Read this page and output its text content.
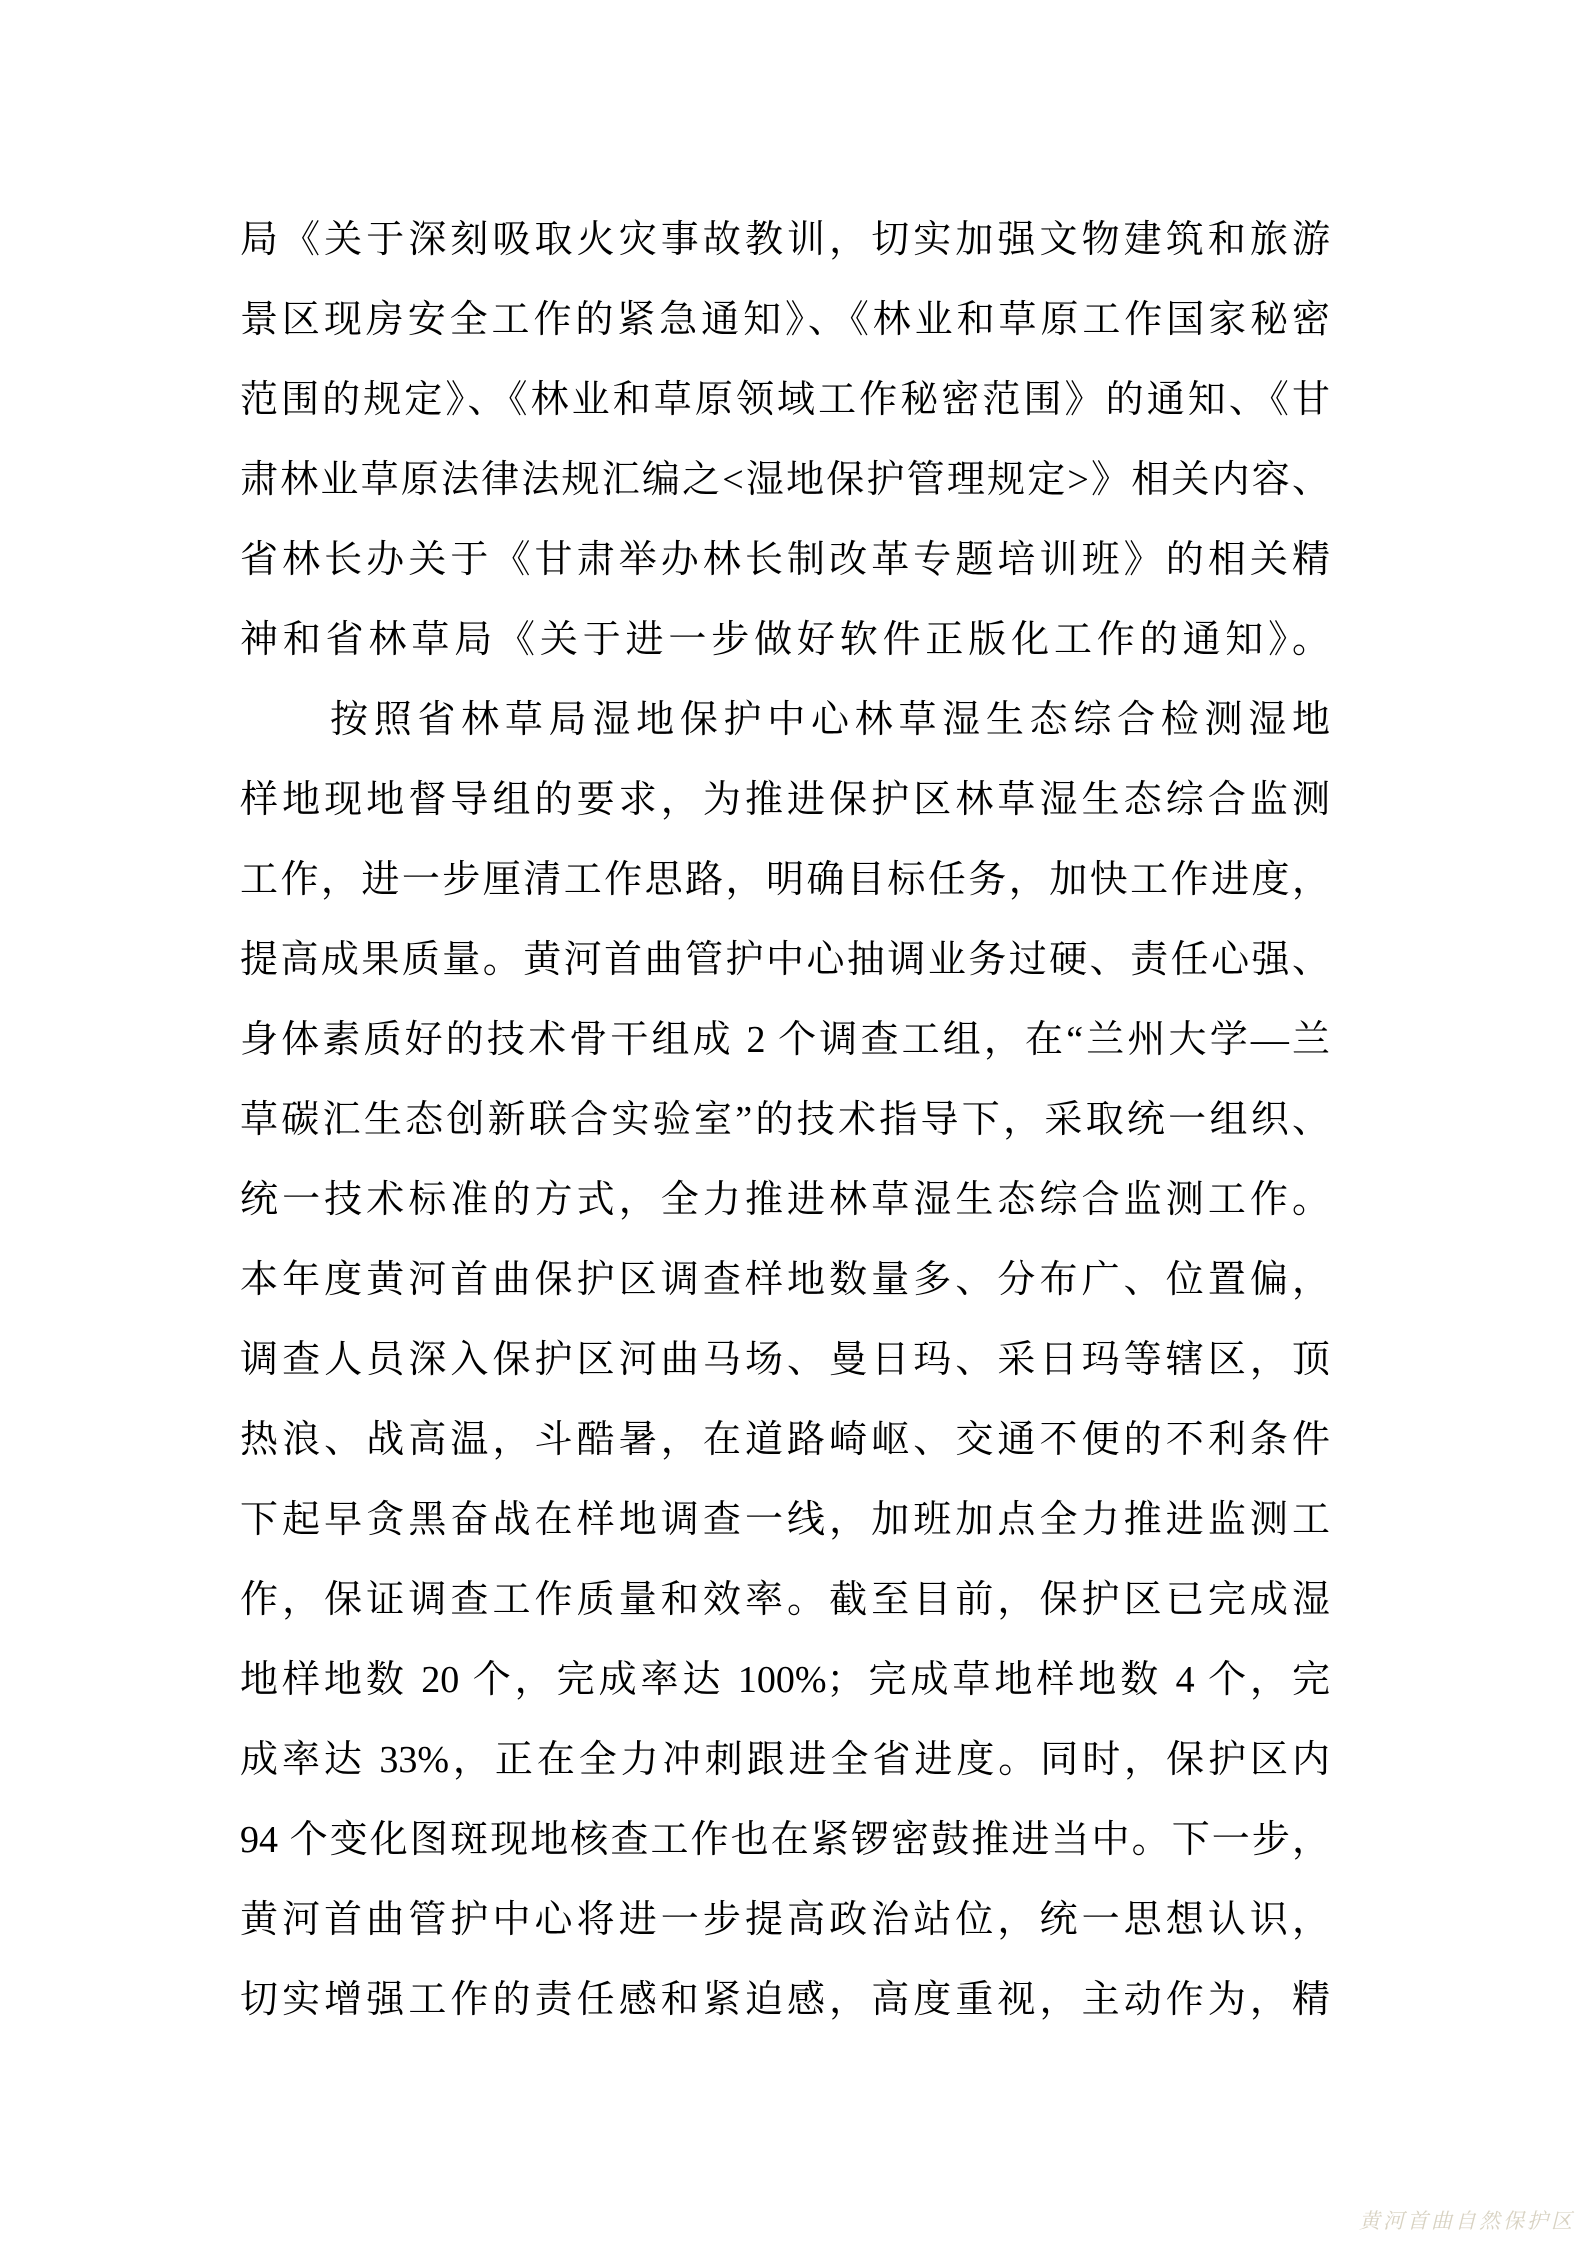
局《关于深刻吸取火灾事故教训，切实加强文物建筑和旅游
景区现房安全工作的紧急通知》、《林业和草原工作国家秘密
范围的规定》、《林业和草原领域工作秘密范围》的通知、《甘
肃林业草原法律法规汇编之<湿地保护管理规定>》相关内容、
省林长办关于《甘肃举办林长制改革专题培训班》的相关精
神和省林草局《关于进一步做好软件正版化工作的通知》。
按照省林草局湿地保护中心林草湿生态综合检测湿地
样地现地督导组的要求，为推进保护区林草湿生态综合监测
工作，进一步厘清工作思路，明确目标任务，加快工作进度，
提高成果质量。黄河首曲管护中心抽调业务过硬、责任心强、
身体素质好的技术骨干组成 2 个调查工组，在“兰州大学—兰
草碳汇生态创新联合实验室”的技术指导下，采取统一组织、
统一技术标准的方式，全力推进林草湿生态综合监测工作。
本年度黄河首曲保护区调查样地数量多、分布广、位置偏，
调查人员深入保护区河曲马场、曼日玛、采日玛等辖区，顶
热浪、战高温，斗酷暑，在道路崎岖、交通不便的不利条件
下起早贪黑奋战在样地调查一线，加班加点全力推进监测工
作，保证调查工作质量和效率。截至目前，保护区已完成湿
地样地数 20 个，完成率达 100%；完成草地样地数 4 个，完
成率达 33%，正在全力冲刺跟进全省进度。同时，保护区内
94 个变化图斑现地核查工作也在紧锣密鼓推进当中。下一步，
黄河首曲管护中心将进一步提高政治站位，统一思想认识，
切实增强工作的责任感和紧迫感，高度重视，主动作为，精
黄河首曲自然保护区
